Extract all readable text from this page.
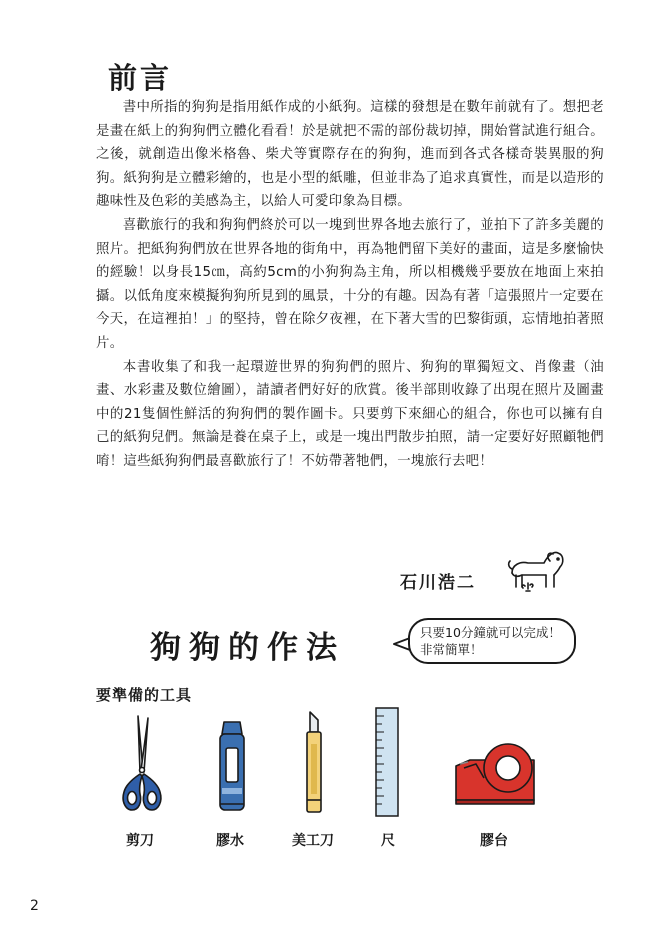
前言

書中所指的狗狗是指用紙作成的小紙狗。這樣的發想是在數年前就有了。想把老是畫在紙上的狗狗們立體化看看！於是就把不需的部份裁切掉，開始嘗試進行組合。之後，就創造出像米格魯、柴犬等實際存在的狗狗，進而到各式各樣奇裝異服的狗狗。紙狗狗是立體彩繪的，也是小型的紙雕，但並非為了追求真實性，而是以造形的趣味性及色彩的美感為主，以給人可愛印象為目標。

喜歡旅行的我和狗狗們終於可以一塊到世界各地去旅行了，並拍下了許多美麗的照片。把紙狗狗們放在世界各地的街角中，再為牠們留下美好的畫面，這是多麼愉快的經驗！以身長15㎝，高約5cm的小狗狗為主角，所以相機幾乎要放在地面上來拍攝。以低角度來模擬狗狗所見到的風景，十分的有趣。因為有著「這張照片一定要在今天，在這裡拍！」的堅持，曾在除夕夜裡，在下著大雪的巴黎街頭，忘情地拍著照片。

本書收集了和我一起環遊世界的狗狗們的照片、狗狗的單獨短文、肖像畫（油畫、水彩畫及數位繪圖），請讀者們好好的欣賞。後半部則收錄了出現在照片及圖畫中的21隻個性鮮活的狗狗們的製作圖卡。只要剪下來細心的組合，你也可以擁有自己的紙狗兒們。無論是養在桌子上，或是一塊出門散步拍照，請一定要好好照顧牠們唷！這些紙狗狗們最喜歡旅行了！不妨帶著牠們，一塊旅行去吧！

石川浩二
狗狗的作法	只要10分鐘就可以完成！
非常簡單！
要準備的工具
剪刀	膠水	美工刀	尺	膠台
2
